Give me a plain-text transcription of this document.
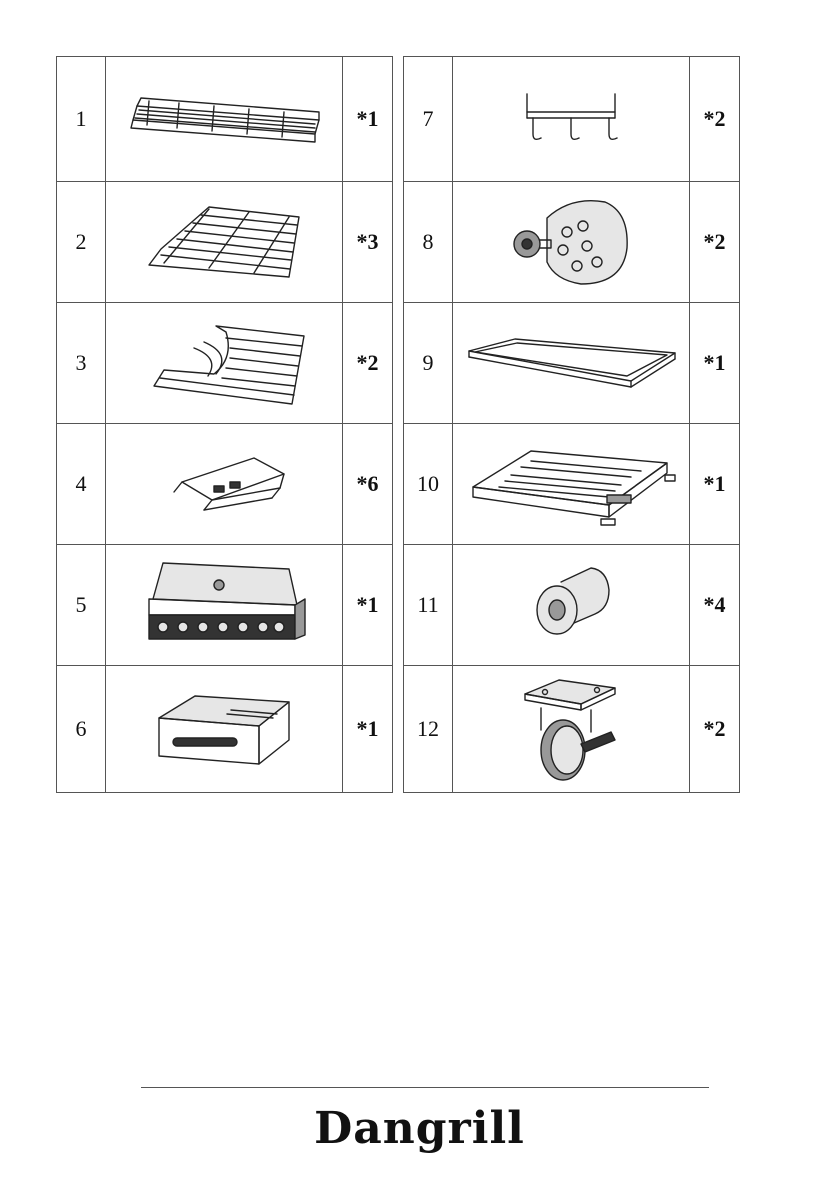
1		*1
2		*3
3		*2
4		*6
5		*1
6		*1
7		*2
8		*2
9		*1
10		*1
11		*4
12		*2
Dangrill
